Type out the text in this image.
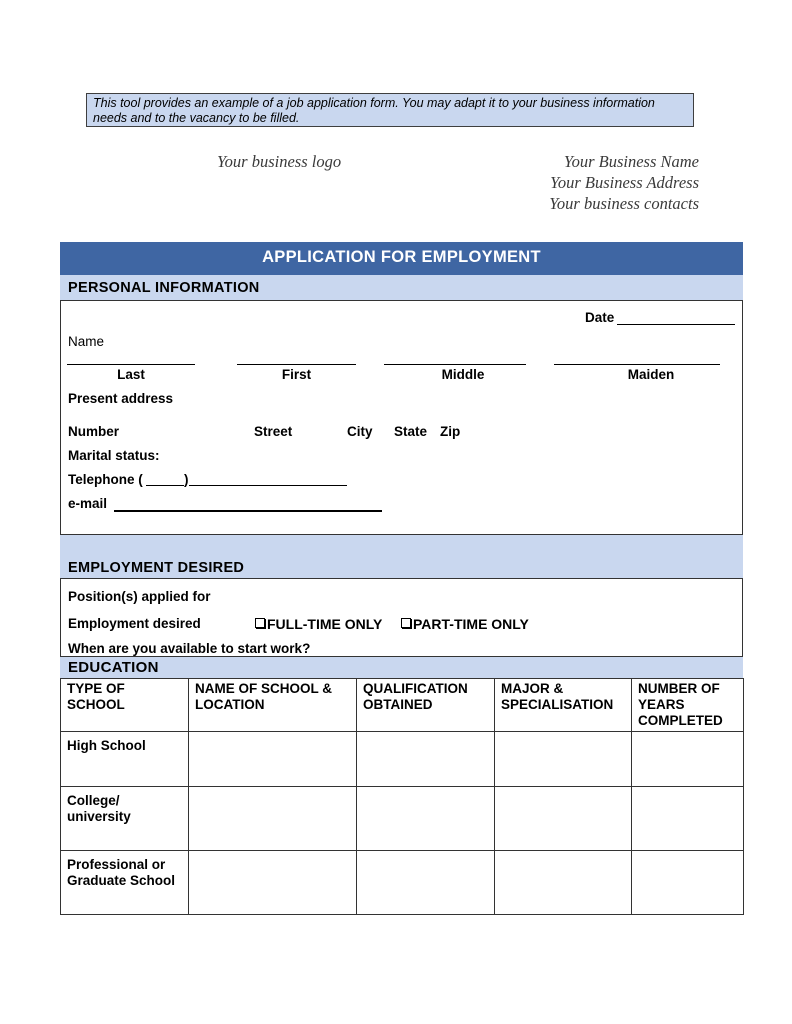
This tool provides an example of a job application form. You may adapt it to your business information needs and to the vacancy to be filled.
Your business logo	Your Business Name
Your Business Address
Your business contacts
APPLICATION FOR EMPLOYMENT
PERSONAL INFORMATION
Date
Name
Last	First	Middle	Maiden
Present address
Number	Street	City State Zip
Marital status:
Telephone (	)
e-mail
EMPLOYMENT DESIRED
Position(s) applied for
Employment desired	FULL-TIME ONLY	PART-TIME ONLY
When are you available to start work?
EDUCATION
TYPE OF SCHOOL	NAME OF SCHOOL & LOCATION	QUALIFICATION OBTAINED	MAJOR & SPECIALISATION	NUMBER OF YEARS COMPLETED
High School				
College/ university				
Professional or Graduate School				
